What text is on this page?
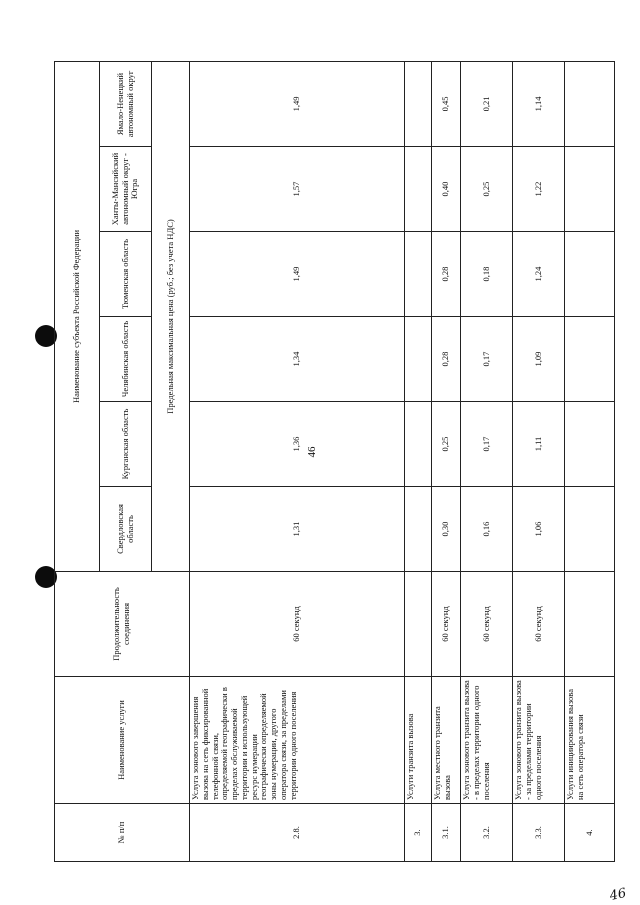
46
46
№ п/п	Наименование услуги	Продолжительность соединения	Наименование субъекта Российской Федерации					
			Свердловская область	Курганская область	Челябинская область	Тюменская область	Ханты-Мансийский автономный округ - Югра	Ямало-Ненецкий автономный округ
			Предельная максимальная цена (руб.; без учета НДС)					
2.8.	Услуга зонового завершения вызова на сеть фиксированной телефонной связи, определяемой географически в пределах обслуживаемой территории и использующей ресурс нумерации географически определяемой зоны нумерации, другого оператора связи, за пределами территории одного поселения	60 секунд	1,31	1,36	1,34	1,49	1,57	1,49
3.	Услуги транзита вызова							
3.1.	Услуга местного транзита вызова	60 секунд	0,30	0,25	0,28	0,28	0,40	0,45
3.2.	Услуга зонового транзита вызова - в пределах территории одного поселения	60 секунд	0,16	0,17	0,17	0,18	0,25	0,21
3.3.	Услуга зонового транзита вызова - за пределами территории одного поселения	60 секунд	1,06	1,11	1,09	1,24	1,22	1,14
4.	Услуги инициирования вызова на сеть оператора связи							
